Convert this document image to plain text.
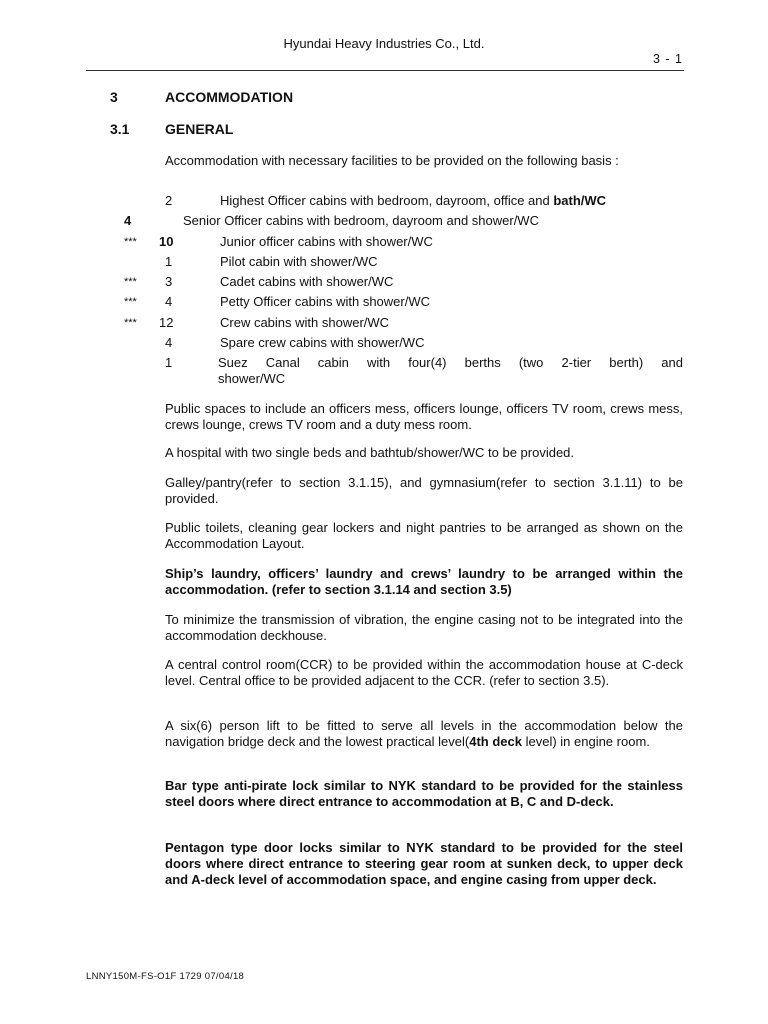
Hyundai Heavy Industries Co., Ltd.
3 - 1
3	ACCOMMODATION
3.1	GENERAL
Accommodation with necessary facilities to be provided on the following basis :
2	Highest Officer cabins with bedroom, dayroom, office and bath/WC
4	Senior Officer cabins with bedroom, dayroom and shower/WC
*** 10	Junior officer cabins with shower/WC
1	Pilot cabin with shower/WC
*** 3	Cadet cabins with shower/WC
*** 4	Petty Officer cabins with shower/WC
*** 12	Crew cabins with shower/WC
4	Spare crew cabins with shower/WC
1	Suez Canal cabin with four(4) berths (two 2-tier berth) and
shower/WC
Public spaces to include an officers mess, officers lounge, officers TV room, crews mess, crews lounge, crews TV room and a duty mess room.
A hospital with two single beds and bathtub/shower/WC to be provided.
Galley/pantry(refer to section 3.1.15), and gymnasium(refer to section 3.1.11) to be provided.
Public toilets, cleaning gear lockers and night pantries to be arranged as shown on the Accommodation Layout.
Ship’s laundry, officers’ laundry and crews’ laundry to be arranged within the accommodation. (refer to section 3.1.14 and section 3.5)
To minimize the transmission of vibration, the engine casing not to be integrated into the accommodation deckhouse.
A central control room(CCR) to be provided within the accommodation house at C-deck level. Central office to be provided adjacent to the CCR. (refer to section 3.5).
A six(6) person lift to be fitted to serve all levels in the accommodation below the navigation bridge deck and the lowest practical level(4th deck level) in engine room.
Bar type anti-pirate lock similar to NYK standard to be provided for the stainless steel doors where direct entrance to accommodation at B, C and D-deck.
Pentagon type door locks similar to NYK standard to be provided for the steel doors where direct entrance to steering gear room at sunken deck, to upper deck and A-deck level of accommodation space, and engine casing from upper deck.
LNNY150M-FS-O1F 1729 07/04/18
